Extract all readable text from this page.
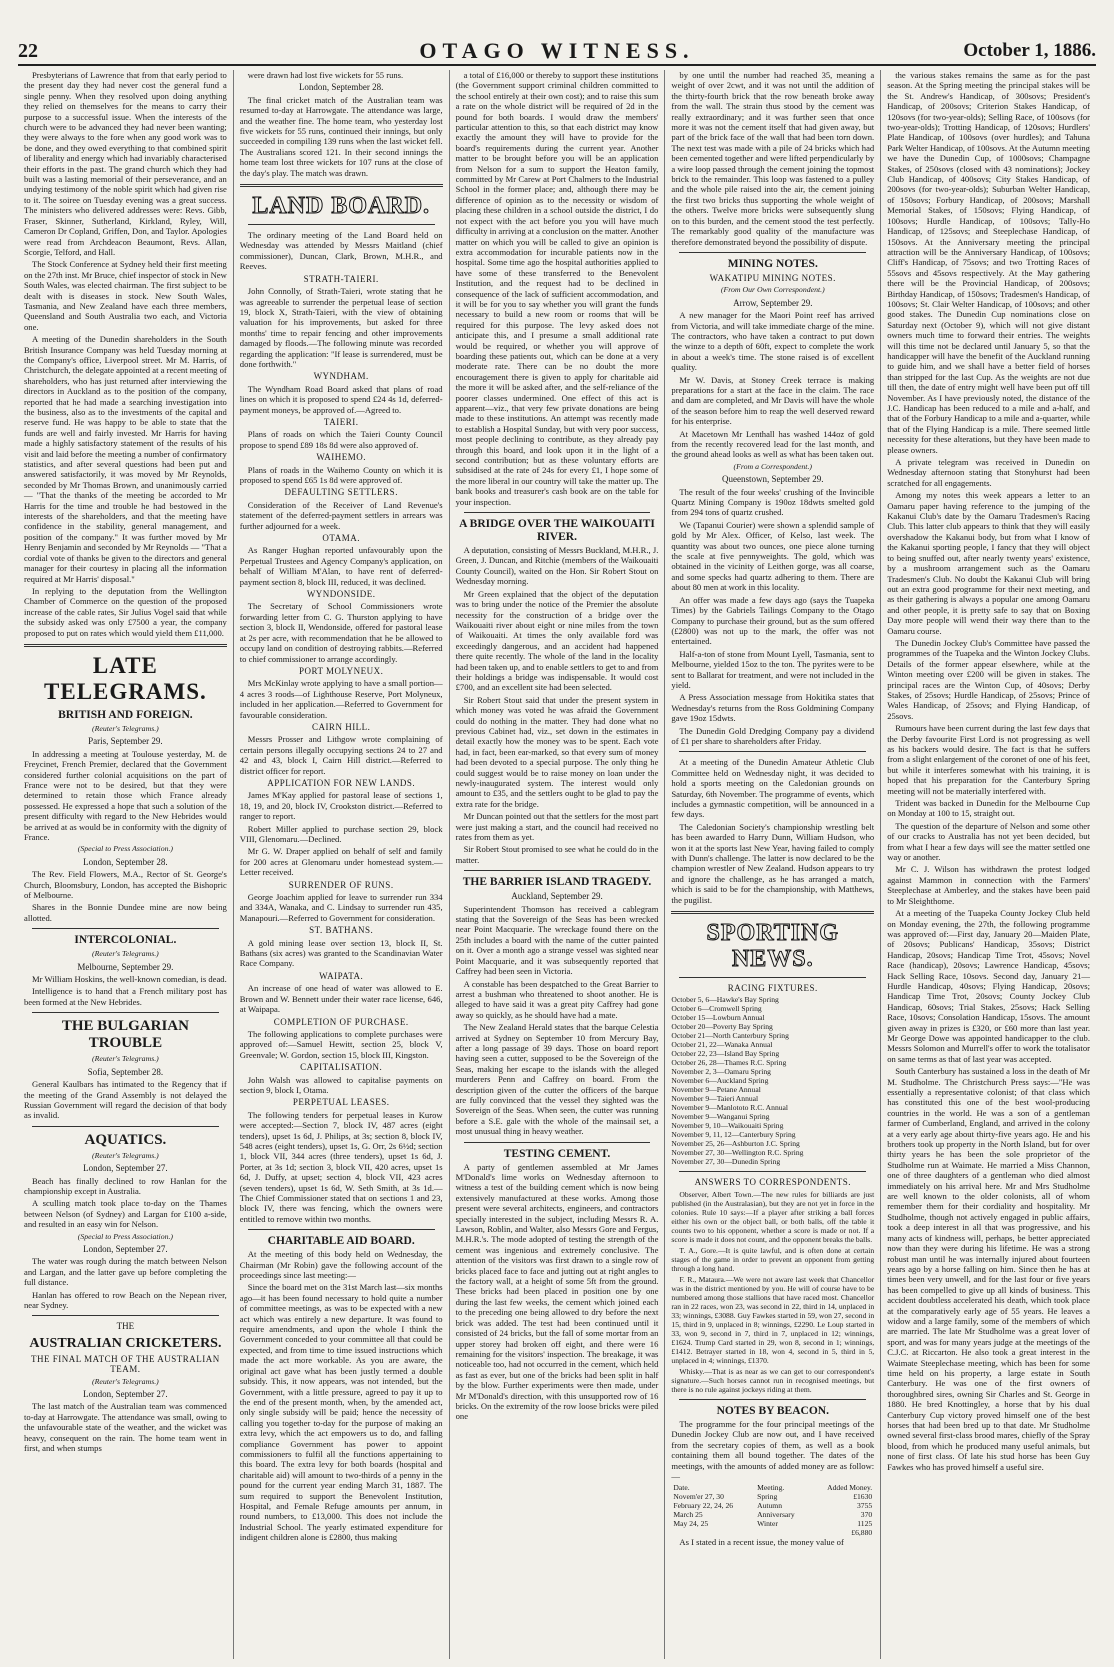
22	OTAGO WITNESS.	October 1, 1886.

Presbyterians of Lawrence that from that early period to the present day they had never cost the general fund a single penny. When they resolved upon doing anything they relied on themselves for the means to carry their purpose to a successful issue. When the interests of the church were to be advanced they had never been wanting; they were always to the fore when any good work was to be done, and they owed everything to that combined spirit of liberality and energy which had invariably characterised their efforts in the past. The grand church which they had built was a lasting memorial of their perseverance, and an undying testimony of the noble spirit which had given rise to it. The soiree on Tuesday evening was a great success. The ministers who delivered addresses were: Revs. Gibb, Fraser, Skinner, Sutherland, Kirkland, Ryley, Will, Cameron Dr Copland, Griffen, Don, and Taylor. Apologies were read from Archdeacon Beaumont, Revs. Allan, Scorgie, Telford, and Hall.

The Stock Conference at Sydney held their first meeting on the 27th inst. Mr Bruce, chief inspector of stock in New South Wales, was elected chairman. The first subject to be dealt with is diseases in stock. New South Wales, Tasmania, and New Zealand have each three members, Queensland and South Australia two each, and Victoria one.

A meeting of the Dunedin shareholders in the South British Insurance Company was held Tuesday morning at the Company's office, Liverpool street. Mr M. Harris, of Christchurch, the delegate appointed at a recent meeting of shareholders, who has just returned after interviewing the directors in Auckland as to the position of the company, reported that he had made a searching investigation into the business, also as to the investments of the capital and reserve fund. He was happy to be able to state that the funds are well and fairly invested. Mr Harris for having made a highly satisfactory statement of the results of his visit and laid before the meeting a number of confirmatory statistics, and after several questions had been put and answered satisfactorily, it was moved by Mr Reynolds, seconded by Mr Thomas Brown, and unanimously carried — "That the thanks of the meeting be accorded to Mr Harris for the time and trouble he had bestowed in the interests of the shareholders, and that the meeting have confidence in the stability, general management, and position of the company." It was further moved by Mr Henry Benjamin and seconded by Mr Reynolds — "That a cordial vote of thanks be given to the directors and general manager for their courtesy in placing all the information required at Mr Harris' disposal."

In replying to the deputation from the Wellington Chamber of Commerce on the question of the proposed increase of the cable rates, Sir Julius Vogel said that while the subsidy asked was only £7500 a year, the company proposed to put on rates which would yield them £11,000.

LATE TELEGRAMS.
BRITISH AND FOREIGN.
(Reuter's Telegrams.)
Paris, September 29.

In addressing a meeting at Toulouse yesterday, M. de Freycinet, French Premier, declared that the Government considered further colonial acquisitions on the part of France were not to be desired, but that they were determined to retain those which France already possessed. He expressed a hope that such a solution of the present difficulty with regard to the New Hebrides would be arrived at as would be in conformity with the dignity of France.

(Special to Press Association.)
London, September 28.

The Rev. Field Flowers, M.A., Rector of St. George's Church, Bloomsbury, London, has accepted the Bishopric of Melbourne.

Shares in the Bonnie Dundee mine are now being allotted.

INTERCOLONIAL.
(Reuter's Telegrams.)
Melbourne, September 29.

Mr William Hoskins, the well-known comedian, is dead.

Intelligence is to hand that a French military post has been formed at the New Hebrides.

THE BULGARIAN TROUBLE
(Reuter's Telegrams.)
Sofia, September 28.

General Kaulbars has intimated to the Regency that if the meeting of the Grand Assembly is not delayed the Russian Government will regard the decision of that body as invalid.

AQUATICS.
(Reuter's Telegrams.)
London, September 27.

Beach has finally declined to row Hanlan for the championship except in Australia.

A sculling match took place to-day on the Thames between Nelson (of Sydney) and Largan for £100 a-side, and resulted in an easy win for Nelson.

(Special to Press Association.)
London, September 27.

The water was rough during the match between Nelson and Largan, and the latter gave up before completing the full distance.

Hanlan has offered to row Beach on the Nepean river, near Sydney.

THE
AUSTRALIAN CRICKETERS.
THE FINAL MATCH OF THE AUSTRALIAN TEAM.
(Reuter's Telegrams.)
London, September 27.

The last match of the Australian team was commenced to-day at Harrowgate. The attendance was small, owing to the unfavourable state of the weather, and the wicket was heavy, consequent on the rain. The home team went in first, and when stumps

were drawn had lost five wickets for 55 runs.

London, September 28.

The final cricket match of the Australian team was resumed to-day at Harrowgate. The attendance was large, and the weather fine. The home team, who yesterday lost five wickets for 55 runs, continued their innings, but only succeeded in compiling 139 runs when the last wicket fell. The Australians scored 121. In their second innings the home team lost three wickets for 107 runs at the close of the day's play. The match was drawn.

LAND BOARD.

The ordinary meeting of the Land Board held on Wednesday was attended by Messrs Maitland (chief commissioner), Duncan, Clark, Brown, M.H.R., and Reeves.

STRATH-TAIERI.

John Connolly, of Strath-Taieri, wrote stating that he was agreeable to surrender the perpetual lease of section 19, block X, Strath-Taieri, with the view of obtaining valuation for his improvements, but asked for three months' time to repair fencing and other improvements damaged by floods.—The following minute was recorded regarding the application: "If lease is surrendered, must be done forthwith."

WYNDHAM.

The Wyndham Road Board asked that plans of road lines on which it is proposed to spend £24 4s 1d, deferred-payment moneys, be approved of.—Agreed to.

TAIERI.

Plans of roads on which the Taieri County Council propose to spend £89 18s 8d were also approved of.

WAIHEMO.

Plans of roads in the Waihemo County on which it is proposed to spend £65 1s 8d were approved of.

DEFAULTING SETTLERS.

Consideration of the Receiver of Land Revenue's statement of the deferred-payment settlers in arrears was further adjourned for a week.

OTAMA.

As Ranger Hughan reported unfavourably upon the Perpetual Trustees and Agency Company's application, on behalf of William M'Alan, to have rent of deferred-payment section 8, block III, reduced, it was declined.

WYNDONSIDE.

The Secretary of School Commissioners wrote forwarding letter from C. G. Thurston applying to have section 3, block II, Wendonside, offered for pastoral lease at 2s per acre, with recommendation that he be allowed to occupy land on condition of destroying rabbits.—Referred to chief commissioner to arrange accordingly.

PORT MOLYNEUX.

Mrs McKinlay wrote applying to have a small portion—4 acres 3 roods—of Lighthouse Reserve, Port Molyneux, included in her application.—Referred to Government for favourable consideration.

CAIRN HILL.

Messrs Prosser and Lithgow wrote complaining of certain persons illegally occupying sections 24 to 27 and 42 and 43, block I, Cairn Hill district.—Referred to district officer for report.

APPLICATION FOR NEW LANDS.

James M'Kay applied for pastoral lease of sections 1, 18, 19, and 20, block IV, Crookston district.—Referred to ranger to report.

Robert Miller applied to purchase section 29, block VIII, Glenomaru.—Declined.

Mr G. W. Draper applied on behalf of self and family for 200 acres at Glenomaru under homestead system.—Letter received.

SURRENDER OF RUNS.

George Joachim applied for leave to surrender run 334 and 334A, Wanaka, and C. Lindsay to surrender run 435, Manapouri.—Referred to Government for consideration.

ST. BATHANS.

A gold mining lease over section 13, block II, St. Bathans (six acres) was granted to the Scandinavian Water Race Company.

WAIPATA.

An increase of one head of water was allowed to E. Brown and W. Bennett under their water race license, 646, at Waipapa.

COMPLETION OF PURCHASE.

The following applications to complete purchases were approved of:—Samuel Hewitt, section 25, block V, Greenvale; W. Gordon, section 15, block III, Kingston.

CAPITALISATION.

John Walsh was allowed to capitalise payments on section 9, block I, Otama.

PERPETUAL LEASES.

The following tenders for perpetual leases in Kurow were accepted:—Section 7, block IV, 487 acres (eight tenders), upset 1s 6d, J. Philips, at 3s; section 8, block IV, 548 acres (eight tenders), upset 1s, G. Orr, 2s 6½d; section 1, block VII, 344 acres (three tenders), upset 1s 6d, J. Porter, at 3s 1d; section 3, block VII, 420 acres, upset 1s 6d, J. Duffy, at upset; section 4, block VII, 423 acres (seven tenders), upset 1s 6d, W. Seth Smith, at 3s 1d.—The Chief Commissioner stated that on sections 1 and 23, block IV, there was fencing, which the owners were entitled to remove within two months.

CHARITABLE AID BOARD.

At the meeting of this body held on Wednesday, the Chairman (Mr Robin) gave the following account of the proceedings since last meeting:—

Since the board met on the 31st March last—six months ago—it has been found necessary to hold quite a number of committee meetings, as was to be expected with a new act which was entirely a new departure. It was found to require amendments, and upon the whole I think the Government conceded to your committee all that could be expected, and from time to time issued instructions which made the act more workable. As you are aware, the original act gave what has been justly termed a double subsidy. This, it now appears, was not intended, but the Government, with a little pressure, agreed to pay it up to the end of the present month, when, by the amended act, only single subsidy will be paid; hence the necessity of calling you together to-day for the purpose of making an extra levy, which the act empowers us to do, and falling compliance Government has power to appoint commissioners to fulfil all the functions appertaining to this board. The extra levy for both boards (hospital and charitable aid) will amount to two-thirds of a penny in the pound for the current year ending March 31, 1887. The sum required to support the Benevolent Institution, Hospital, and Female Refuge amounts per annum, in round numbers, to £13,000. This does not include the Industrial School. The yearly estimated expenditure for indigent children alone is £2800, thus making

a total of £16,000 or thereby to support these institutions (the Government support criminal children committed to the school entirely at their own cost); and to raise this sum a rate on the whole district will be required of 2d in the pound for both boards. I would draw the members' particular attention to this, so that each district may know exactly the amount they will have to provide for the board's requirements during the current year. Another matter to be brought before you will be an application from Nelson for a sum to support the Heaton family, committed by Mr Carew at Port Chalmers to the Industrial School in the former place; and, although there may be difference of opinion as to the necessity or wisdom of placing these children in a school outside the district, I do not expect with the act before you you will have much difficulty in arriving at a conclusion on the matter. Another matter on which you will be called to give an opinion is extra accommodation for incurable patients now in the hospital. Some time ago the hospital authorities applied to have some of these transferred to the Benevolent Institution, and the request had to be declined in consequence of the lack of sufficient accommodation, and it will be for you to say whether you will grant the funds necessary to build a new room or rooms that will be required for this purpose. The levy asked does not anticipate this, and I presume a small additional rate would be required, or whether you will approve of boarding these patients out, which can be done at a very moderate rate. There can be no doubt the more encouragement there is given to apply for charitable aid the more it will be asked after, and the self-reliance of the poorer classes undermined. One effect of this act is apparent—viz., that very few private donations are being made to these institutions. An attempt was recently made to establish a Hospital Sunday, but with very poor success, most people declining to contribute, as they already pay through this board, and look upon it in the light of a second contribution; but as these voluntary efforts are subsidised at the rate of 24s for every £1, I hope some of the more liberal in our country will take the matter up. The bank books and treasurer's cash book are on the table for your inspection.

A BRIDGE OVER THE WAIKOUAITI RIVER.

A deputation, consisting of Messrs Buckland, M.H.R., J. Green, J. Duncan, and Ritchie (members of the Waikouaiti County Council), waited on the Hon. Sir Robert Stout on Wednesday morning.

Mr Green explained that the object of the deputation was to bring under the notice of the Premier the absolute necessity for the construction of a bridge over the Waikouaiti river about eight or nine miles from the town of Waikouaiti. At times the only available ford was exceedingly dangerous, and an accident had happened there quite recently. The whole of the land in the locality had been taken up, and to enable settlers to get to and from their holdings a bridge was indispensable. It would cost £700, and an excellent site had been selected.

Sir Robert Stout said that under the present system in which money was voted he was afraid the Government could do nothing in the matter. They had done what no previous Cabinet had, viz., set down in the estimates in detail exactly how the money was to be spent. Each vote had, in fact, been ear-marked, so that every sum of money had been devoted to a special purpose. The only thing he could suggest would be to raise money on loan under the newly-inaugurated system. The interest would only amount to £35, and the settlers ought to be glad to pay the extra rate for the bridge.

Mr Duncan pointed out that the settlers for the most part were just making a start, and the council had received no rates from them as yet.

Sir Robert Stout promised to see what he could do in the matter.

THE BARRIER ISLAND TRAGEDY.
Auckland, September 29.

Superintendent Thomson has received a cablegram stating that the Sovereign of the Seas has been wrecked near Point Macquarie. The wreckage found there on the 25th includes a board with the name of the cutter painted on it. Over a month ago a strange vessel was sighted near Point Macquarie, and it was subsequently reported that Caffrey had been seen in Victoria.

A constable has been despatched to the Great Barrier to arrest a bushman who threatened to shoot another. He is alleged to have said it was a great pity Caffrey had gone away so quickly, as he should have had a mate.

The New Zealand Herald states that the barque Celestia arrived at Sydney on September 10 from Mercury Bay, after a long passage of 39 days. Those on board report having seen a cutter, supposed to be the Sovereign of the Seas, making her escape to the islands with the alleged murderers Penn and Caffrey on board. From the description given of the cutter the officers of the barque are fully convinced that the vessel they sighted was the Sovereign of the Seas. When seen, the cutter was running before a S.E. gale with the whole of the mainsail set, a most unusual thing in heavy weather.

TESTING CEMENT.

A party of gentlemen assembled at Mr James M'Donald's lime works on Wednesday afternoon to witness a test of the building cement which is now being extensively manufactured at these works. Among those present were several architects, engineers, and contractors specially interested in the subject, including Messrs R. A. Lawson, Roblin, and Walter, also Messrs Gore and Fergus, M.H.R.'s. The mode adopted of testing the strength of the cement was ingenious and extremely conclusive. The attention of the visitors was first drawn to a single row of bricks placed face to face and jutting out at right angles to the factory wall, at a height of some 5ft from the ground. These bricks had been placed in position one by one during the last few weeks, the cement which joined each to the preceding one being allowed to dry before the next brick was added. The test had been continued until it consisted of 24 bricks, but the fall of some mortar from an upper storey had broken off eight, and there were 16 remaining for the visitors' inspection. The breakage, it was noticeable too, had not occurred in the cement, which held as fast as ever, but one of the bricks had been split in half by the blow. Further experiments were then made, under Mr M'Donald's direction, with this unsupported row of 16 bricks. On the extremity of the row loose bricks were piled one

by one until the number had reached 35, meaning a weight of over 2cwt, and it was not until the addition of the thirty-fourth brick that the row beneath broke away from the wall. The strain thus stood by the cement was really extraordinary; and it was further seen that once more it was not the cement itself that had given away, but part of the brick face of the wall that had been torn down. The next test was made with a pile of 24 bricks which had been cemented together and were lifted perpendicularly by a wire loop passed through the cement joining the topmost brick to the remainder. This loop was fastened to a pulley and the whole pile raised into the air, the cement joining the first two bricks thus supporting the whole weight of the others. Twelve more bricks were subsequently slung on to this burden, and the cement stood the test perfectly. The remarkably good quality of the manufacture was therefore demonstrated beyond the possibility of dispute.

MINING NOTES.
WAKATIPU MINING NOTES.
(From Our Own Correspondent.)
Arrow, September 29.

A new manager for the Maori Point reef has arrived from Victoria, and will take immediate charge of the mine. The contractors, who have taken a contract to put down the winze to a depth of 60ft, expect to complete the work in about a week's time. The stone raised is of excellent quality.

Mr W. Davis, at Stoney Creek terrace is making preparations for a start at the face in the claim. The race and dam are completed, and Mr Davis will have the whole of the season before him to reap the well deserved reward for his enterprise.

At Macetown Mr Lenthall has washed 144oz of gold from the recently recovered lead for the last month, and the ground ahead looks as well as what has been taken out.

(From a Correspondent.)
Queenstown, September 29.

The result of the four weeks' crushing of the Invincible Quartz Mining Company is 190oz 18dwts smelted gold from 294 tons of quartz crushed.

We (Tapanui Courier) were shown a splendid sample of gold by Mr Alex. Officer, of Kelso, last week. The quantity was about two ounces, one piece alone turning the scale at five pennyweights. The gold, which was obtained in the vicinity of Leithen gorge, was all coarse, and some specks had quartz adhering to them. There are about 80 men at work in this locality.

An offer was made a few days ago (says the Tuapeka Times) by the Gabriels Tailings Company to the Otago Company to purchase their ground, but as the sum offered (£2800) was not up to the mark, the offer was not entertained.

Half-a-ton of stone from Mount Lyell, Tasmania, sent to Melbourne, yielded 15oz to the ton. The pyrites were to be sent to Ballarat for treatment, and were not included in the yield.

A Press Association message from Hokitika states that Wednesday's returns from the Ross Goldmining Company gave 19oz 15dwts.

The Dunedin Gold Dredging Company pay a dividend of £1 per share to shareholders after Friday.

At a meeting of the Dunedin Amateur Athletic Club Committee held on Wednesday night, it was decided to hold a sports meeting on the Caledonian grounds on Saturday, 6th November. The programme of events, which includes a gymnastic competition, will be announced in a few days.

The Caledonian Society's championship wrestling belt has been awarded to Harry Dunn, William Hudson, who won it at the sports last New Year, having failed to comply with Dunn's challenge. The latter is now declared to be the champion wrestler of New Zealand. Hudson appears to try and ignore the challenge, as he has arranged a match, which is said to be for the championship, with Matthews, the pugilist.

SPORTING NEWS.
RACING FIXTURES.
October 5, 6—Hawke's Bay Spring
October 6—Cromwell Spring
October 15—Lowburn Annual
October 20—Poverty Bay Spring
October 21—North Canterbury Spring
October 21, 22—Wanaka Annual
October 22, 23—Island Bay Spring
October 26, 28—Thames R.C. Spring
November 2, 3—Oamaru Spring
November 6—Auckland Spring
November 9—Petane Annual
November 9—Taieri Annual
November 9—Manlototo R.C. Annual
November 9—Wanganui Spring
November 9, 10—Waikouaiti Spring
November 9, 11, 12—Canterbury Spring
November 25, 26—Ashburton J.C. Spring
November 27, 30—Wellington R.C. Spring
November 27, 30—Dunedin Spring
ANSWERS TO CORRESPONDENTS.

Observer, Albert Town.—The new rules for billiards are just published (in the Australasian), but they are not yet in force in the colonies. Rule 10 says:—If a player after striking a ball forces either his own or the object ball, or both balls, off the table it counts two to his opponent, whether a score is made or not. If a score is made it does not count, and the opponent breaks the balls.

T. A., Gore.—It is quite lawful, and is often done at certain stages of the game in order to prevent an opponent from getting through a long hand.

F. R., Mataura.—We were not aware last week that Chancellor was in the district mentioned by you. He will of course have to be numbered among those stallions that have raced most. Chancellor ran in 22 races, won 23, was second in 22, third in 14, unplaced in 33; winnings, £3088. Guy Fawkes started in 59, won 27, second in 15, third in 9, unplaced in 8; winnings, £2290. Le Loup started in 33, won 9, second in 7, third in 7, unplaced in 12; winnings, £1624. Trump Card started in 29, won 8, second in 1; winnings, £1412. Betrayer started in 18, won 4, second in 5, third in 5, unplaced in 4; winnings, £1370.

Whisky.—That is as near as we can get to our correspondent's signature.—Such horses cannot run in recognised meetings, but there is no rule against jockeys riding at them.

NOTES BY BEACON.

The programme for the four principal meetings of the Dunedin Jockey Club are now out, and I have received from the secretary copies of them, as well as a book containing them all bound together. The dates of the meetings, with the amounts of added money are as follow:—

Date.	Meeting.	Added Money.
Novem'er 27, 30	Spring	£1630
February 22, 24, 26	Autumn	3755
March 25	Anniversary	370
May 24, 25	Winter	1125
		£6,880

As I stated in a recent issue, the money value of

the various stakes remains the same as for the past season. At the Spring meeting the principal stakes will be the St. Andrew's Handicap, of 300sovs; President's Handicap, of 200sovs; Criterion Stakes Handicap, of 120sovs (for two-year-olds); Selling Race, of 100sovs (for two-year-olds); Trotting Handicap, of 120sovs; Hurdlers' Plate Handicap, of 100sovs (over hurdles); and Tahuna Park Welter Handicap, of 100sovs. At the Autumn meeting we have the Dunedin Cup, of 1000sovs; Champagne Stakes, of 250sovs (closed with 43 nominations); Jockey Club Handicap, of 400sovs; City Stakes Handicap, of 200sovs (for two-year-olds); Suburban Welter Handicap, of 150sovs; Forbury Handicap, of 200sovs; Marshall Memorial Stakes, of 150sovs; Flying Handicap, of 100sovs; Hurdle Handicap, of 100sovs; Tally-Ho Handicap, of 125sovs; and Steeplechase Handicap, of 150sovs. At the Anniversary meeting the principal attraction will be the Anniversary Handicap, of 100sovs; Cliff's Handicap, of 75sovs; and two Trotting Races of 55sovs and 45sovs respectively. At the May gathering there will be the Provincial Handicap, of 200sovs; Birthday Handicap, of 150sovs; Tradesmen's Handicap, of 100sovs; St. Clair Welter Handicap, of 100sovs; and other good stakes. The Dunedin Cup nominations close on Saturday next (October 9), which will not give distant owners much time to forward their entries. The weights will this time not be declared until January 5, so that the handicapper will have the benefit of the Auckland running to guide him, and we shall have a better field of horses than stripped for the last Cup. As the weights are not due till then, the date of entry might well have been put off till November. As I have previously noted, the distance of the J.C. Handicap has been reduced to a mile and a-half, and that of the Forbury Handicap to a mile and a-quarter, while that of the Flying Handicap is a mile. There seemed little necessity for these alterations, but they have been made to please owners.

A private telegram was received in Dunedin on Wednesday afternoon stating that Stonyhurst had been scratched for all engagements.

Among my notes this week appears a letter to an Oamaru paper having reference to the jumping of the Kakanui Club's date by the Oamaru Tradesmen's Racing Club. This latter club appears to think that they will easily overshadow the Kakanui body, but from what I know of the Kakanui sporting people, I fancy that they will object to being snuffed out, after nearly twenty years' existence, by a mushroom arrangement such as the Oamaru Tradesmen's Club. No doubt the Kakanui Club will bring out an extra good programme for their next meeting, and as their gathering is always a popular one among Oamaru and other people, it is pretty safe to say that on Boxing Day more people will wend their way there than to the Oamaru course.

The Dunedin Jockey Club's Committee have passed the programmes of the Tuapeka and the Winton Jockey Clubs. Details of the former appear elsewhere, while at the Winton meeting over £200 will be given in stakes. The principal races are the Winton Cup, of 40sovs; Derby Stakes, of 25sovs; Hurdle Handicap, of 25sovs; Prince of Wales Handicap, of 25sovs; and Flying Handicap, of 25sovs.

Rumours have been current during the last few days that the Derby favourite First Lord is not progressing as well as his backers would desire. The fact is that he suffers from a slight enlargement of the coronet of one of his feet, but while it interferes somewhat with his training, it is hoped that his preparation for the Canterbury Spring meeting will not be materially interfered with.

Trident was backed in Dunedin for the Melbourne Cup on Monday at 100 to 15, straight out.

The question of the departure of Nelson and some other of our cracks to Australia has not yet been decided, but from what I hear a few days will see the matter settled one way or another.

Mr C. J. Wilson has withdrawn the protest lodged against Mammon in connection with the Farmers' Steeplechase at Amberley, and the stakes have been paid to Mr Sleighthome.

At a meeting of the Tuapeka County Jockey Club held on Monday evening, the 27th, the following programme was approved of:—First day, January 20—Maiden Plate, of 20sovs; Publicans' Handicap, 35sovs; District Handicap, 20sovs; Handicap Time Trot, 45sovs; Novel Race (handicap), 20sovs; Lawrence Handicap, 45sovs; Hack Selling Race, 10sovs. Second day, January 21—Hurdle Handicap, 40sovs; Flying Handicap, 20sovs; Handicap Time Trot, 20sovs; County Jockey Club Handicap, 60sovs; Trial Stakes, 25sovs; Hack Selling Race, 10sovs; Consolation Handicap, 15sovs. The amount given away in prizes is £320, or £60 more than last year. Mr George Dowe was appointed handicapper to the club. Messrs Solomon and Murrell's offer to work the totalisator on same terms as that of last year was accepted.

South Canterbury has sustained a loss in the death of Mr M. Studholme. The Christchurch Press says:—"He was essentially a representative colonist; of that class which has constituted this one of the best wool-producing countries in the world. He was a son of a gentleman farmer of Cumberland, England, and arrived in the colony at a very early age about thirty-five years ago. He and his brothers took up property in the North Island, but for over thirty years he has been the sole proprietor of the Studholme run at Waimate. He married a Miss Channon, one of three daughters of a gentleman who died almost immediately on his arrival here. Mr and Mrs Studholme are well known to the older colonists, all of whom remember them for their cordiality and hospitality. Mr Studholme, though not actively engaged in public affairs, took a deep interest in all that was progressive, and his many acts of kindness will, perhaps, be better appreciated now than they were during his lifetime. He was a strong robust man until he was internally injured about fourteen years ago by a horse falling on him. Since then he has at times been very unwell, and for the last four or five years has been compelled to give up all kinds of business. This accident doubtless accelerated his death, which took place at the comparatively early age of 55 years. He leaves a widow and a large family, some of the members of which are married. The late Mr Studholme was a great lover of sport, and was for many years judge at the meetings of the C.J.C. at Riccarton. He also took a great interest in the Waimate Steeplechase meeting, which has been for some time held on his property, a large estate in South Canterbury. He was one of the first owners of thoroughbred sires, owning Sir Charles and St. George in 1880. He bred Knottingley, a horse that by his dual Canterbury Cup victory proved himself one of the best horses that had been bred up to that date. Mr Studholme owned several first-class brood mares, chiefly of the Spray blood, from which he produced many useful animals, but none of first class. Of late his stud horse has been Guy Fawkes who has proved himself a useful sire.
